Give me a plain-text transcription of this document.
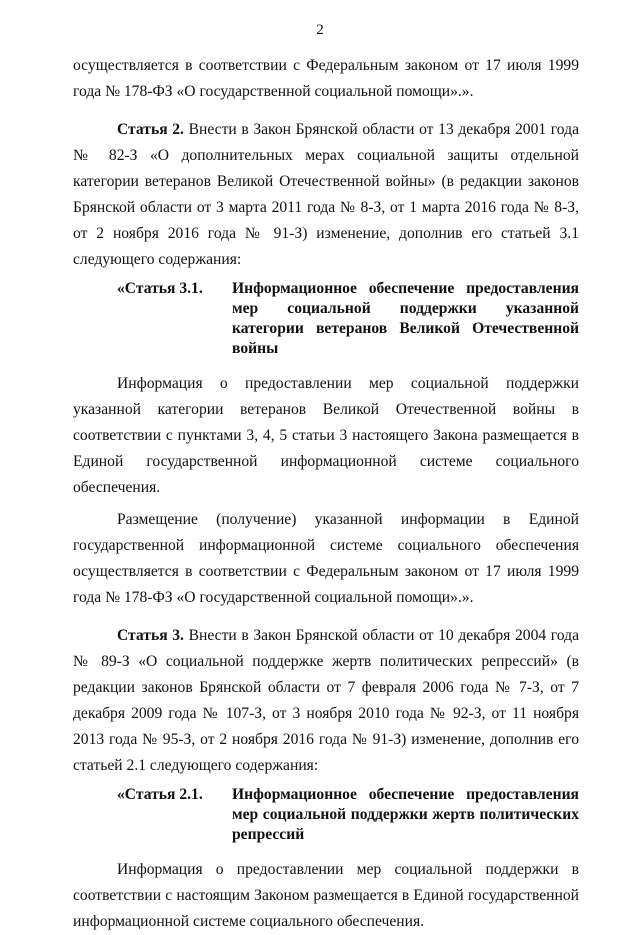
2

осуществляется в соответствии с Федеральным законом от 17 июля 1999 года № 178-ФЗ «О государственной социальной помощи».».

Статья 2. Внести в Закон Брянской области от 13 декабря 2001 года № 82-З «О дополнительных мерах социальной защиты отдельной категории ветеранов Великой Отечественной войны» (в редакции законов Брянской области от 3 марта 2011 года № 8-З, от 1 марта 2016 года № 8-З, от 2 ноября 2016 года № 91-З) изменение, дополнив его статьей 3.1 следующего содержания:

«Статья 3.1.	Информационное обеспечение предоставления мер социальной поддержки указанной категории ветеранов Великой Отечественной войны

Информация о предоставлении мер социальной поддержки указанной категории ветеранов Великой Отечественной войны в соответствии с пунктами 3, 4, 5 статьи 3 настоящего Закона размещается в Единой государственной информационной системе социального обеспечения.

Размещение (получение) указанной информации в Единой государственной информационной системе социального обеспечения осуществляется в соответствии с Федеральным законом от 17 июля 1999 года № 178-ФЗ «О государственной социальной помощи».».

Статья 3. Внести в Закон Брянской области от 10 декабря 2004 года № 89-З «О социальной поддержке жертв политических репрессий» (в редакции законов Брянской области от 7 февраля 2006 года № 7-З, от 7 декабря 2009 года № 107-З, от 3 ноября 2010 года № 92-З, от 11 ноября 2013 года № 95-З, от 2 ноября 2016 года № 91-З) изменение, дополнив его статьей 2.1 следующего содержания:

«Статья 2.1.	Информационное обеспечение предоставления мер социальной поддержки жертв политических репрессий

Информация о предоставлении мер социальной поддержки в соответствии с настоящим Законом размещается в Единой государственной информационной системе социального обеспечения.
